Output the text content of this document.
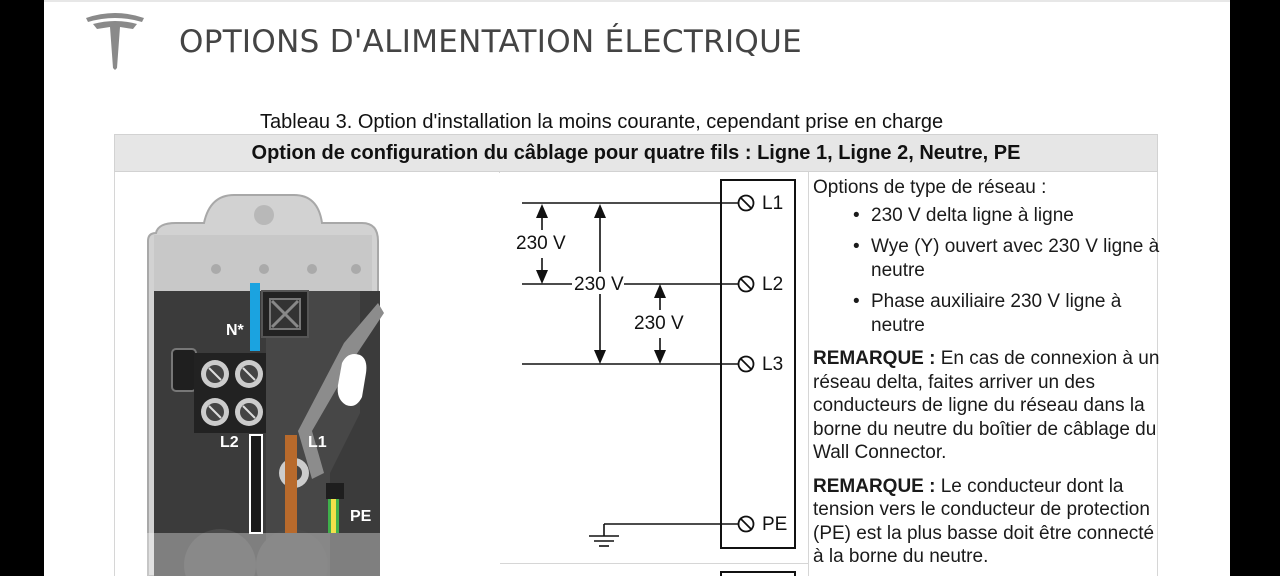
OPTIONS D'ALIMENTATION ÉLECTRIQUE
Tableau 3. Option d'installation la moins courante, cependant prise en charge
Option de configuration du câblage pour quatre fils : Ligne 1, Ligne 2, Neutre, PE
N*
L2	L1
PE
230 V
230 V
230 V
L1
L2
L3
PE

Options de type de réseau :

• 230 V delta ligne à ligne
• Wye (Y) ouvert avec 230 V ligne à neutre
• Phase auxiliaire 230 V ligne à neutre

REMARQUE : En cas de connexion à un réseau delta, faites arriver un des conducteurs de ligne du réseau dans la borne du neutre du boîtier de câblage du Wall Connector.

REMARQUE : Le conducteur dont la tension vers le conducteur de protection (PE) est la plus basse doit être connecté à la borne du neutre.
